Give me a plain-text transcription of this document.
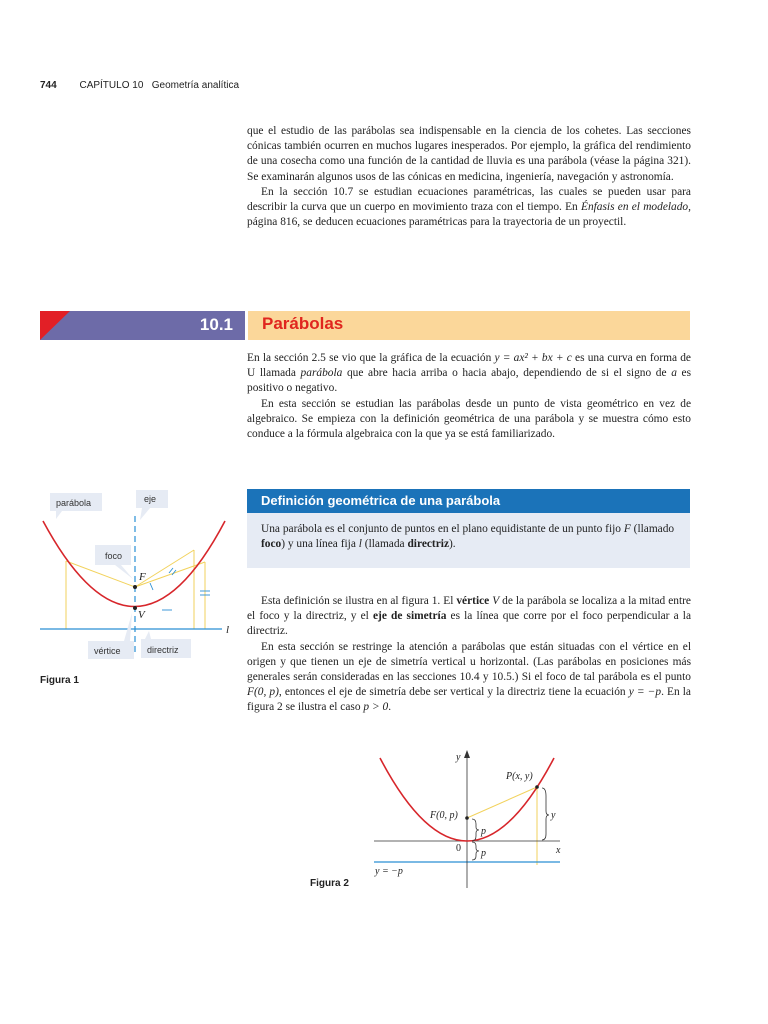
744 CAPÍTULO 10 Geometría analítica

que el estudio de las parábolas sea indispensable en la ciencia de los cohetes. Las secciones cónicas también ocurren en muchos lugares inesperados. Por ejemplo, la gráfica del rendimiento de una cosecha como una función de la cantidad de lluvia es una parábola (véase la página 321). Se examinarán algunos usos de las cónicas en medicina, ingeniería, navegación y astronomía.

En la sección 10.7 se estudian ecuaciones paramétricas, las cuales se pueden usar para describir la curva que un cuerpo en movimiento traza con el tiempo. En Énfasis en el modelado, página 816, se deducen ecuaciones paramétricas para la trayectoria de un proyectil.

10.1 Parábolas

En la sección 2.5 se vio que la gráfica de la ecuación y = ax² + bx + c es una curva en forma de U llamada parábola que abre hacia arriba o hacia abajo, dependiendo de si el signo de a es positivo o negativo.

En esta sección se estudian las parábolas desde un punto de vista geométrico en vez de algebraico. Se empieza con la definición geométrica de una parábola y se muestra cómo esto conduce a la fórmula algebraica con la que ya se está familiarizado.

Definición geométrica de una parábola
Una parábola es el conjunto de puntos en el plano equidistante de un punto fijo F (llamado foco) y una línea fija l (llamada directriz).

Esta definición se ilustra en al figura 1. El vértice V de la parábola se localiza a la mitad entre el foco y la directriz, y el eje de simetría es la línea que corre por el foco perpendicular a la directriz.

En esta sección se restringe la atención a parábolas que están situadas con el vértice en el origen y que tienen un eje de simetría vertical u horizontal. (Las parábolas en posiciones más generales serán consideradas en las secciones 10.4 y 10.5.) Si el foco de tal parábola es el punto F(0, p), entonces el eje de simetría debe ser vertical y la directriz tiene la ecuación y = −p. En la figura 2 se ilustra el caso p > 0.

F
V
l
parábola	eje
foco
vértice	directriz
Figura 1
y
x
P(x, y)
F(0, p)
0
p
p
y
y = −p
Figura 2
